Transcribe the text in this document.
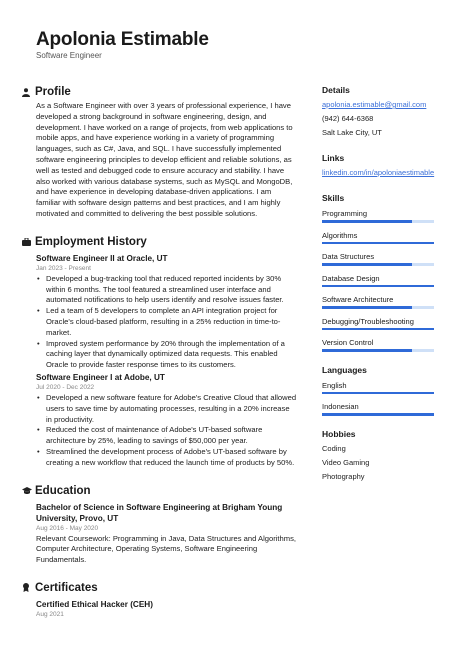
Apolonia Estimable
Software Engineer
Profile
As a Software Engineer with over 3 years of professional experience, I have developed a strong background in software engineering, design, and development. I have worked on a range of projects, from web applications to mobile apps, and have experience working in a variety of programming languages, such as C#, Java, and SQL. I have successfully implemented software engineering principles to develop efficient and reliable solutions, as well as tested and debugged code to ensure accuracy and stability. I have also worked with various database systems, such as MySQL and MongoDB, and have experience in developing database-driven applications. I am familiar with software design patterns and best practices, and I am highly motivated and committed to delivering the best possible solutions.
Employment History
Software Engineer II at Oracle, UT
Jan 2023 - Present
• Developed a bug-tracking tool that reduced reported incidents by 30% within 6 months. The tool featured a streamlined user interface and automated notifications to help users identify and resolve issues faster.
• Led a team of 5 developers to complete an API integration project for Oracle's cloud-based platform, resulting in a 25% reduction in time-to-market.
• Improved system performance by 20% through the implementation of a caching layer that dynamically optimized data requests. This enabled Oracle to provide faster response times to its customers.
Software Engineer I at Adobe, UT
Jul 2020 - Dec 2022
• Developed a new software feature for Adobe's Creative Cloud that allowed users to save time by automating processes, resulting in a 20% increase in productivity.
• Reduced the cost of maintenance of Adobe's UT-based software architecture by 25%, leading to savings of $50,000 per year.
• Streamlined the development process of Adobe's UT-based software by creating a new workflow that reduced the launch time of products by 50%.
Education
Bachelor of Science in Software Engineering at Brigham Young University, Provo, UT
Aug 2016 - May 2020
Relevant Coursework: Programming in Java, Data Structures and Algorithms, Computer Architecture, Operating Systems, Software Engineering Fundamentals.
Certificates
Certified Ethical Hacker (CEH)
Aug 2021
Details
apolonia.estimable@gmail.com
(942) 644-6368
Salt Lake City, UT
Links
linkedin.com/in/apoloniaestimable
Skills
Programming
Algorithms
Data Structures
Database Design
Software Architecture
Debugging/Troubleshooting
Version Control
Languages
English
Indonesian
Hobbies
Coding
Video Gaming
Photography
